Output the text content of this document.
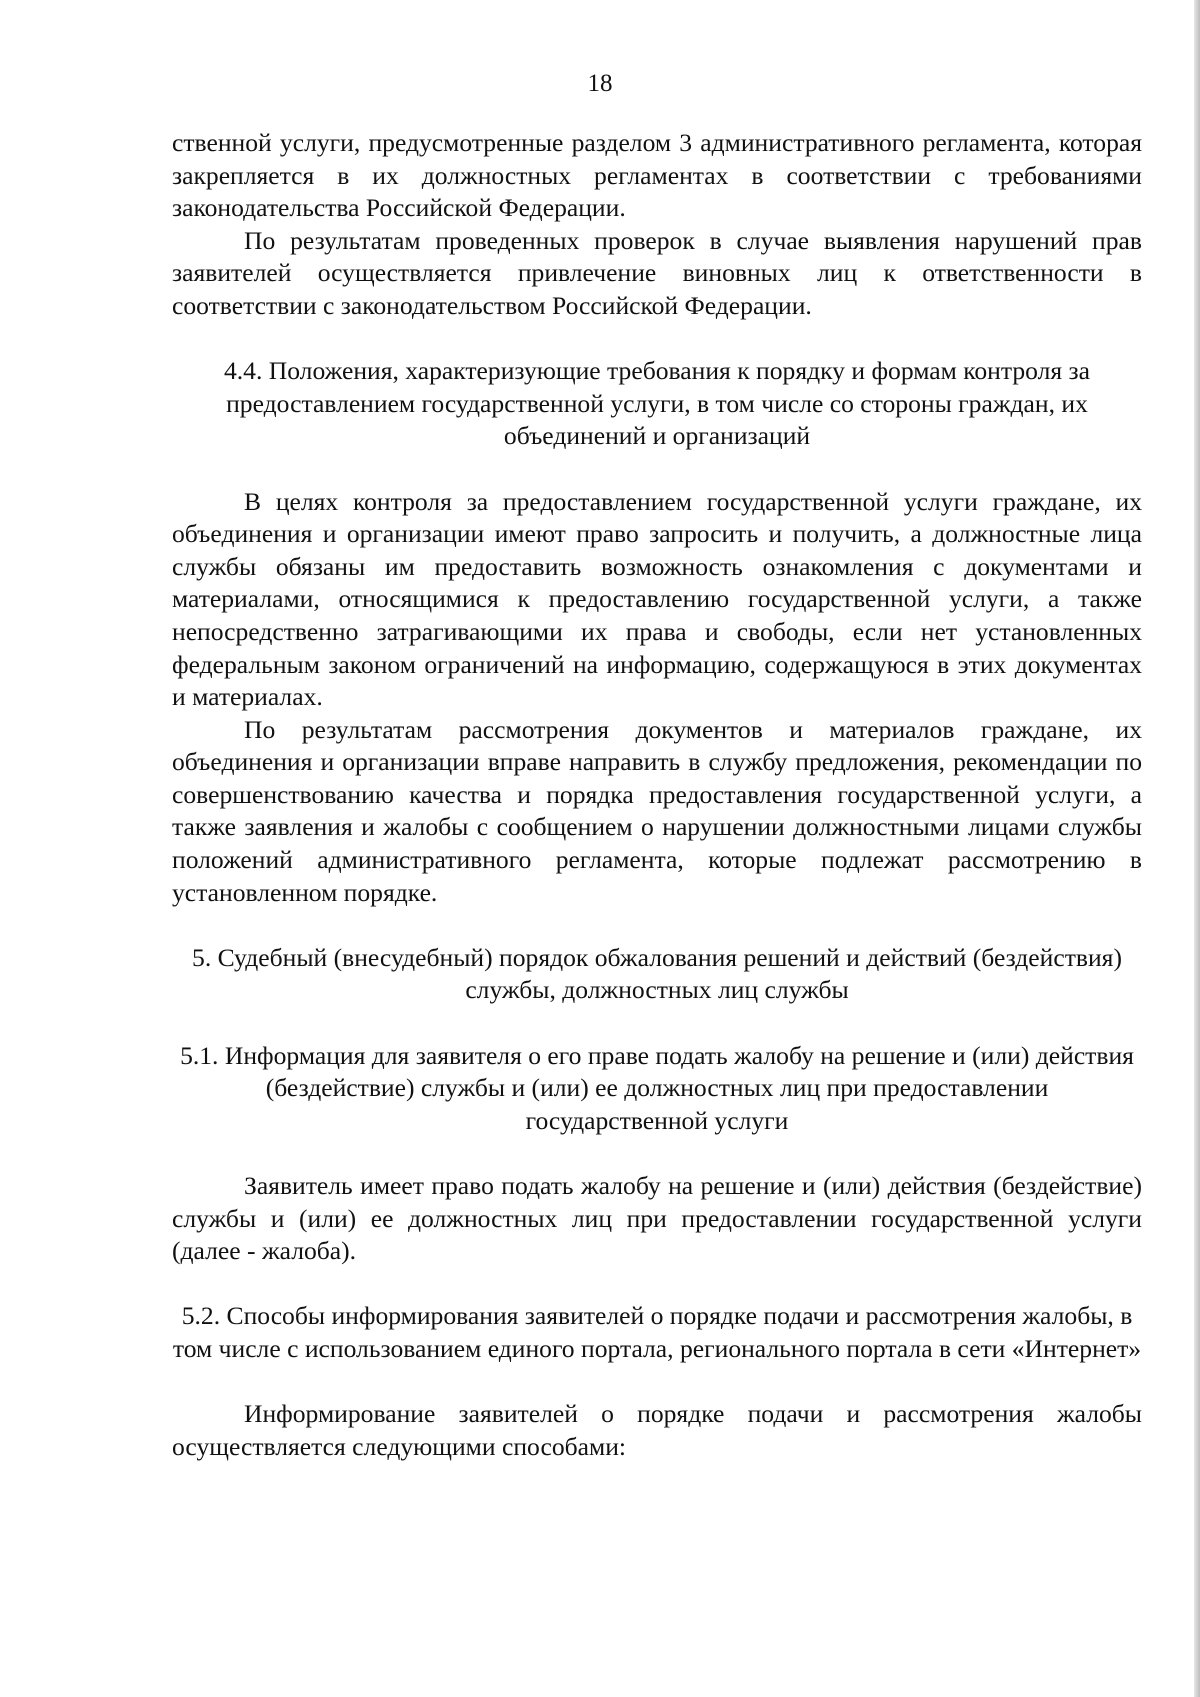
18

ственной услуги, предусмотренные разделом 3 административного регламента, которая закрепляется в их должностных регламентах в соответствии с требованиями законодательства Российской Федерации.

По результатам проведенных проверок в случае выявления нарушений прав заявителей осуществляется привлечение виновных лиц к ответственности в соответствии с законодательством Российской Федерации.

4.4. Положения, характеризующие требования к порядку и формам контроля за предоставлением государственной услуги, в том числе со стороны граждан, их объединений и организаций

В целях контроля за предоставлением государственной услуги граждане, их объединения и организации имеют право запросить и получить, а должностные лица службы обязаны им предоставить возможность ознакомления с документами и материалами, относящимися к предоставлению государственной услуги, а также непосредственно затрагивающими их права и свободы, если нет установленных федеральным законом ограничений на информацию, содержащуюся в этих документах и материалах.

По результатам рассмотрения документов и материалов граждане, их объединения и организации вправе направить в службу предложения, рекомендации по совершенствованию качества и порядка предоставления государственной услуги, а также заявления и жалобы с сообщением о нарушении должностными лицами службы положений административного регламента, которые подлежат рассмотрению в установленном порядке.

5. Судебный (внесудебный) порядок обжалования решений и действий (бездействия) службы, должностных лиц службы

5.1. Информация для заявителя о его праве подать жалобу на решение и (или) действия (бездействие) службы и (или) ее должностных лиц при предоставлении государственной услуги

Заявитель имеет право подать жалобу на решение и (или) действия (бездействие) службы и (или) ее должностных лиц при предоставлении государственной услуги (далее - жалоба).

5.2. Способы информирования заявителей о порядке подачи и рассмотрения жалобы, в том числе с использованием единого портала, регионального портала в сети «Интернет»

Информирование заявителей о порядке подачи и рассмотрения жалобы осуществляется следующими способами:
